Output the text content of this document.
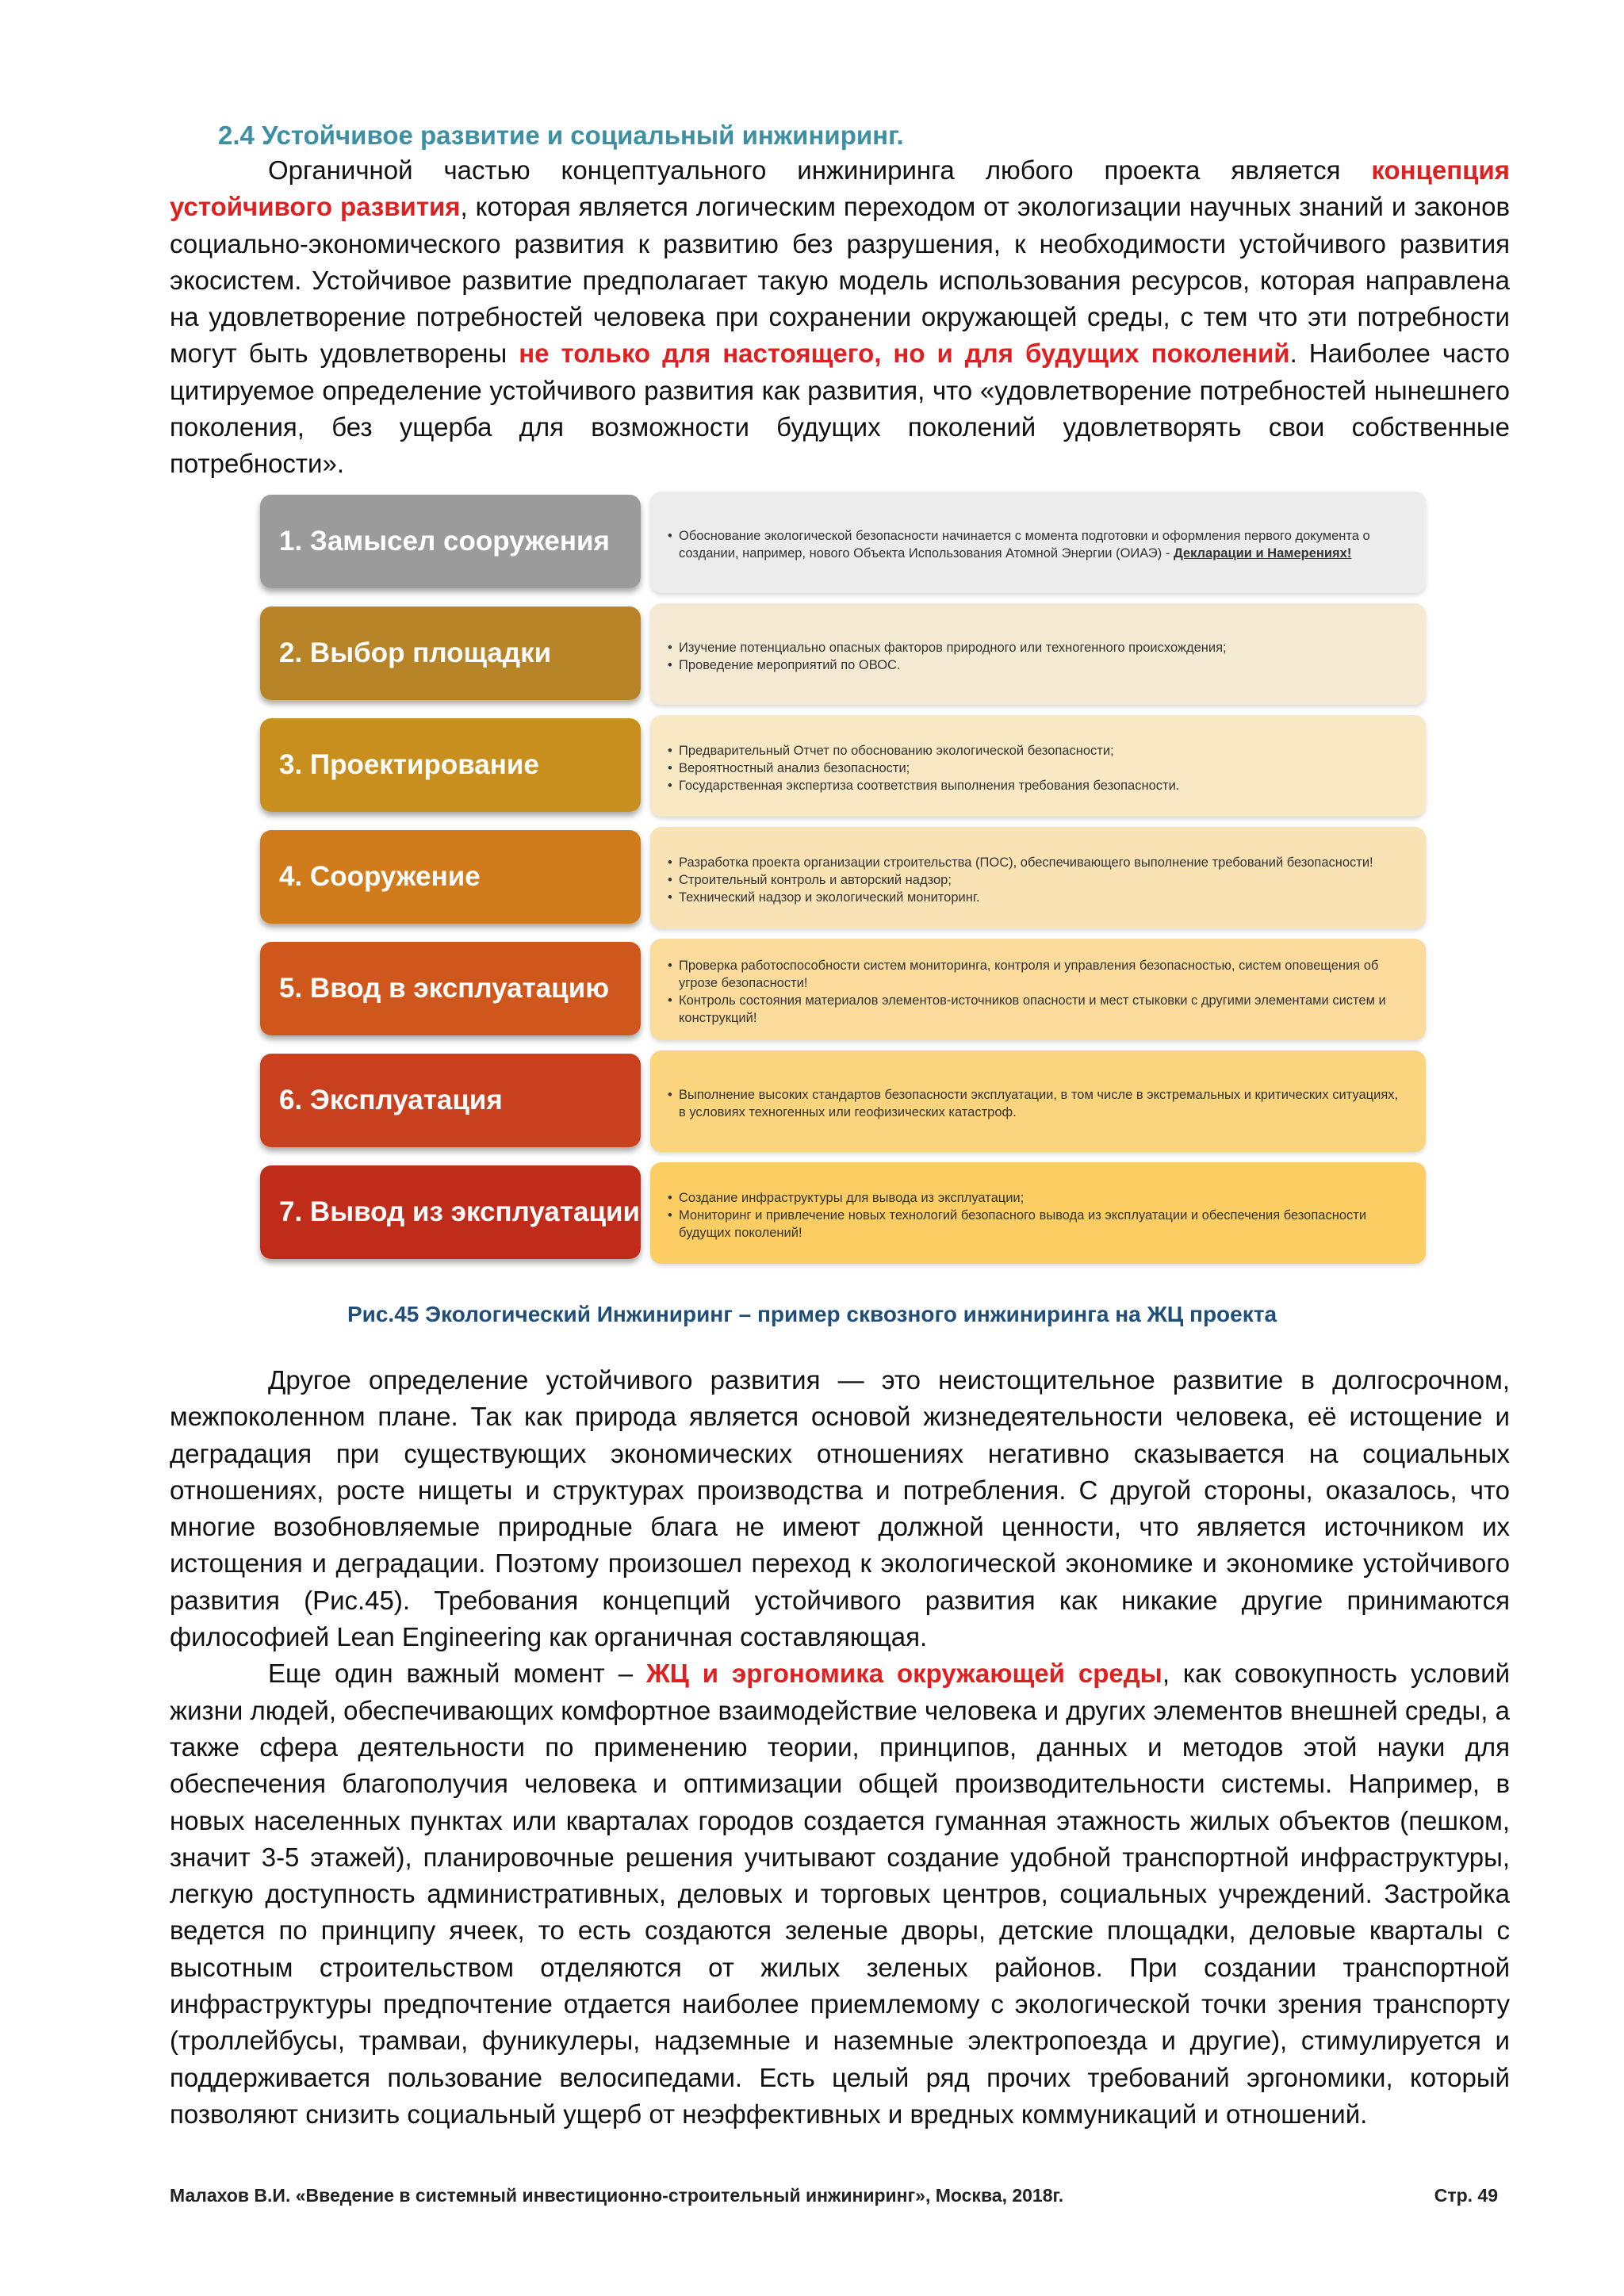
2.4 Устойчивое развитие и социальный инжиниринг.

Органичной частью концептуального инжиниринга любого проекта является концепция устойчивого развития, которая является логическим переходом от экологизации научных знаний и законов социально-экономического развития к развитию без разрушения, к необходимости устойчивого развития экосистем. Устойчивое развитие предполагает такую модель использования ресурсов, которая направлена на удовлетворение потребностей человека при сохранении окружающей среды, с тем что эти потребности могут быть удовлетворены не только для настоящего, но и для будущих поколений. Наиболее часто цитируемое определение устойчивого развития как развития, что «удовлетворение потребностей нынешнего поколения, без ущерба для возможности будущих поколений удовлетворять свои собственные потребности».

1. Замысел сооружения	• Обоснование экологической безопасности начинается с момента подготовки и оформления первого документа о создании, например, нового Объекта Использования Атомной Энергии (ОИАЭ) - Декларации и Намерениях!
2. Выбор площадки	• Изучение потенциально опасных факторов природного или техногенного происхождения;
• Проведение мероприятий по ОВОС.
3. Проектирование	• Предварительный Отчет по обоснованию экологической безопасности;
• Вероятностный анализ безопасности;
• Государственная экспертиза соответствия выполнения требования безопасности.
4. Сооружение	• Разработка проекта организации строительства (ПОС), обеспечивающего выполнение требований безопасности!
• Строительный контроль и авторский надзор;
• Технический надзор и экологический мониторинг.
5. Ввод в эксплуатацию
• Проверка работоспособности систем мониторинга, контроля и управления безопасностью, систем оповещения об угрозе безопасности!
• Контроль состояния материалов элементов-источников опасности и мест стыковки с другими элементами систем и конструкций!
6. Эксплуатация	• Выполнение высоких стандартов безопасности эксплуатации, в том числе в экстремальных и критических ситуациях, в условиях техногенных или геофизических катастроф.
7. Вывод из эксплуатации	• Создание инфраструктуры для вывода из эксплуатации;
• Мониторинг и привлечение новых технологий безопасного вывода из эксплуатации и обеспечения безопасности будущих поколений!
Рис.45 Экологический Инжиниринг – пример сквозного инжиниринга на ЖЦ проекта

Другое определение устойчивого развития — это неистощительное развитие в долгосрочном, межпоколенном плане. Так как природа является основой жизнедеятельности человека, её истощение и деградация при существующих экономических отношениях негативно сказывается на социальных отношениях, росте нищеты и структурах производства и потребления. С другой стороны, оказалось, что многие возобновляемые природные блага не имеют должной ценности, что является источником их истощения и деградации. Поэтому произошел переход к экологической экономике и экономике устойчивого развития (Рис.45). Требования концепций устойчивого развития как никакие другие принимаются философией Lean Engineering как органичная составляющая.

Еще один важный момент – ЖЦ и эргономика окружающей среды, как совокупность условий жизни людей, обеспечивающих комфортное взаимодействие человека и других элементов внешней среды, а также сфера деятельности по применению теории, принципов, данных и методов этой науки для обеспечения благополучия человека и оптимизации общей производительности системы. Например, в новых населенных пунктах или кварталах городов создается гуманная этажность жилых объектов (пешком, значит 3-5 этажей), планировочные решения учитывают создание удобной транспортной инфраструктуры, легкую доступность административных, деловых и торговых центров, социальных учреждений. Застройка ведется по принципу ячеек, то есть создаются зеленые дворы, детские площадки, деловые кварталы с высотным строительством отделяются от жилых зеленых районов. При создании транспортной инфраструктуры предпочтение отдается наиболее приемлемому с экологической точки зрения транспорту (троллейбусы, трамваи, фуникулеры, надземные и наземные электропоезда и другие), стимулируется и поддерживается пользование велосипедами. Есть целый ряд прочих требований эргономики, который позволяют снизить социальный ущерб от неэффективных и вредных коммуникаций и отношений.

Малахов В.И. «Введение в системный инвестиционно-строительный инжиниринг», Москва, 2018г.	Стр. 49
